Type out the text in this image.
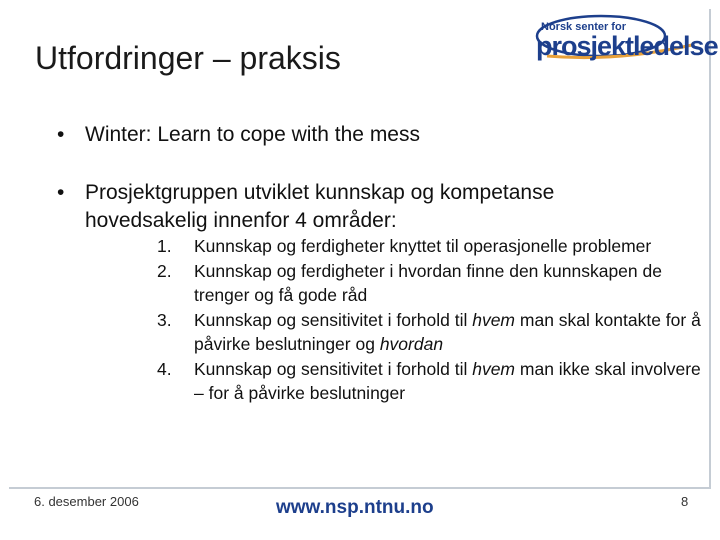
Utfordringer – praksis
Norsk senter for
prosjektledelse
• Winter: Learn to cope with the mess
• Prosjektgruppen utviklet kunnskap og kompetanse hovedsakelig innenfor 4 områder:
1. Kunnskap og ferdigheter knyttet til operasjonelle problemer
2. Kunnskap og ferdigheter i hvordan finne den kunnskapen de trenger og få gode råd
3. Kunnskap og sensitivitet i forhold til hvem man skal kontakte for å påvirke beslutninger og hvordan
4. Kunnskap og sensitivitet i forhold til hvem man ikke skal involvere – for å påvirke beslutninger
6. desember 2006	www.nsp.ntnu.no	8
